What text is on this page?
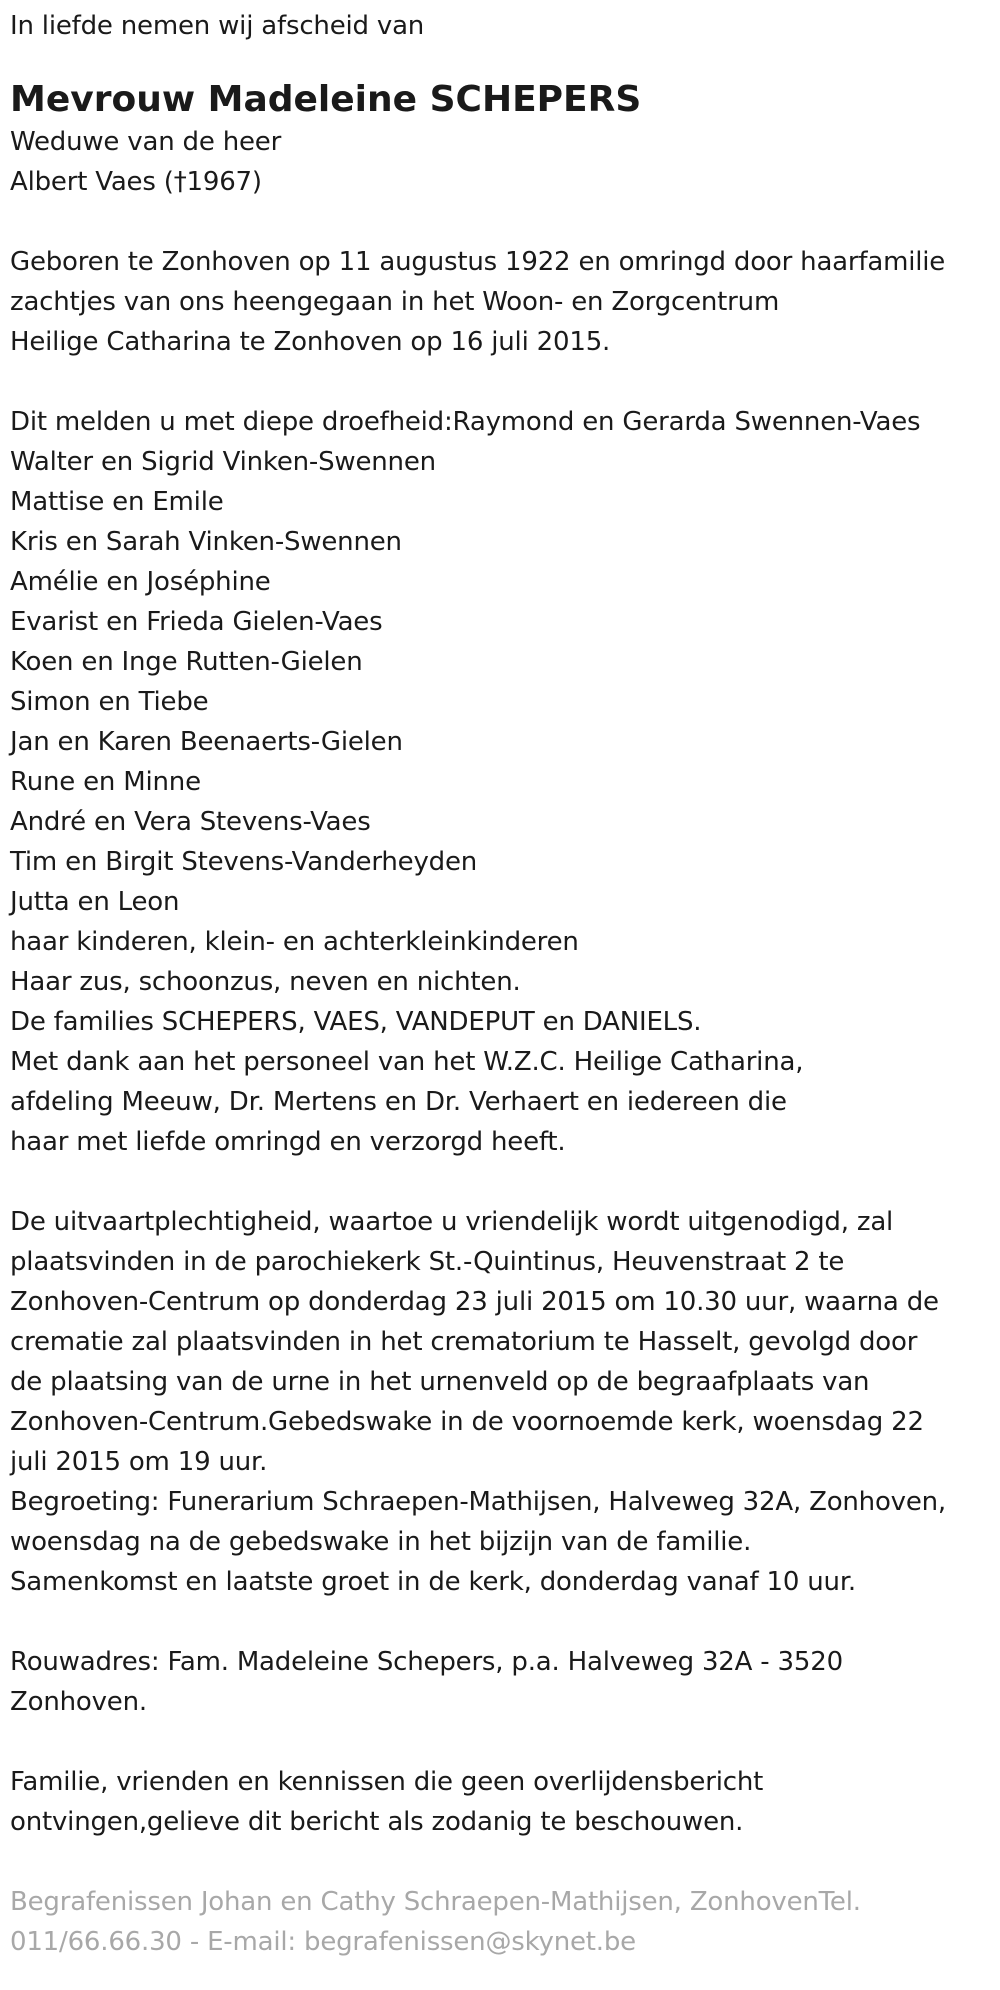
In liefde nemen wij afscheid van
Mevrouw Madeleine SCHEPERS
Weduwe van de heer
Albert Vaes (†1967)
Geboren te Zonhoven op 11 augustus 1922 en omringd door haarfamilie
zachtjes van ons heengegaan in het Woon- en Zorgcentrum
Heilige Catharina te Zonhoven op 16 juli 2015.
Dit melden u met diepe droefheid:Raymond en Gerarda Swennen-Vaes
Walter en Sigrid Vinken-Swennen
Mattise en Emile
Kris en Sarah Vinken-Swennen
Amélie en Joséphine
Evarist en Frieda Gielen-Vaes
Koen en Inge Rutten-Gielen
Simon en Tiebe
Jan en Karen Beenaerts-Gielen
Rune en Minne
André en Vera Stevens-Vaes
Tim en Birgit Stevens-Vanderheyden
Jutta en Leon
haar kinderen, klein- en achterkleinkinderen
Haar zus, schoonzus, neven en nichten.
De families SCHEPERS, VAES, VANDEPUT en DANIELS.
Met dank aan het personeel van het W.Z.C. Heilige Catharina,
afdeling Meeuw, Dr. Mertens en Dr. Verhaert en iedereen die
haar met liefde omringd en verzorgd heeft.
De uitvaartplechtigheid, waartoe u vriendelijk wordt uitgenodigd, zal
plaatsvinden in de parochiekerk St.-Quintinus, Heuvenstraat 2 te
Zonhoven-Centrum op donderdag 23 juli 2015 om 10.30 uur, waarna de
crematie zal plaatsvinden in het crematorium te Hasselt, gevolgd door
de plaatsing van de urne in het urnenveld op de begraafplaats van
Zonhoven-Centrum.Gebedswake in de voornoemde kerk, woensdag 22
juli 2015 om 19 uur.
Begroeting: Funerarium Schraepen-Mathijsen, Halveweg 32A, Zonhoven,
woensdag na de gebedswake in het bijzijn van de familie.
Samenkomst en laatste groet in de kerk, donderdag vanaf 10 uur.
Rouwadres: Fam. Madeleine Schepers, p.a. Halveweg 32A - 3520
Zonhoven.
Familie, vrienden en kennissen die geen overlijdensbericht
ontvingen,gelieve dit bericht als zodanig te beschouwen.
Begrafenissen Johan en Cathy Schraepen-Mathijsen, ZonhovenTel.
011/66.66.30 - E-mail: begrafenissen@skynet.be
